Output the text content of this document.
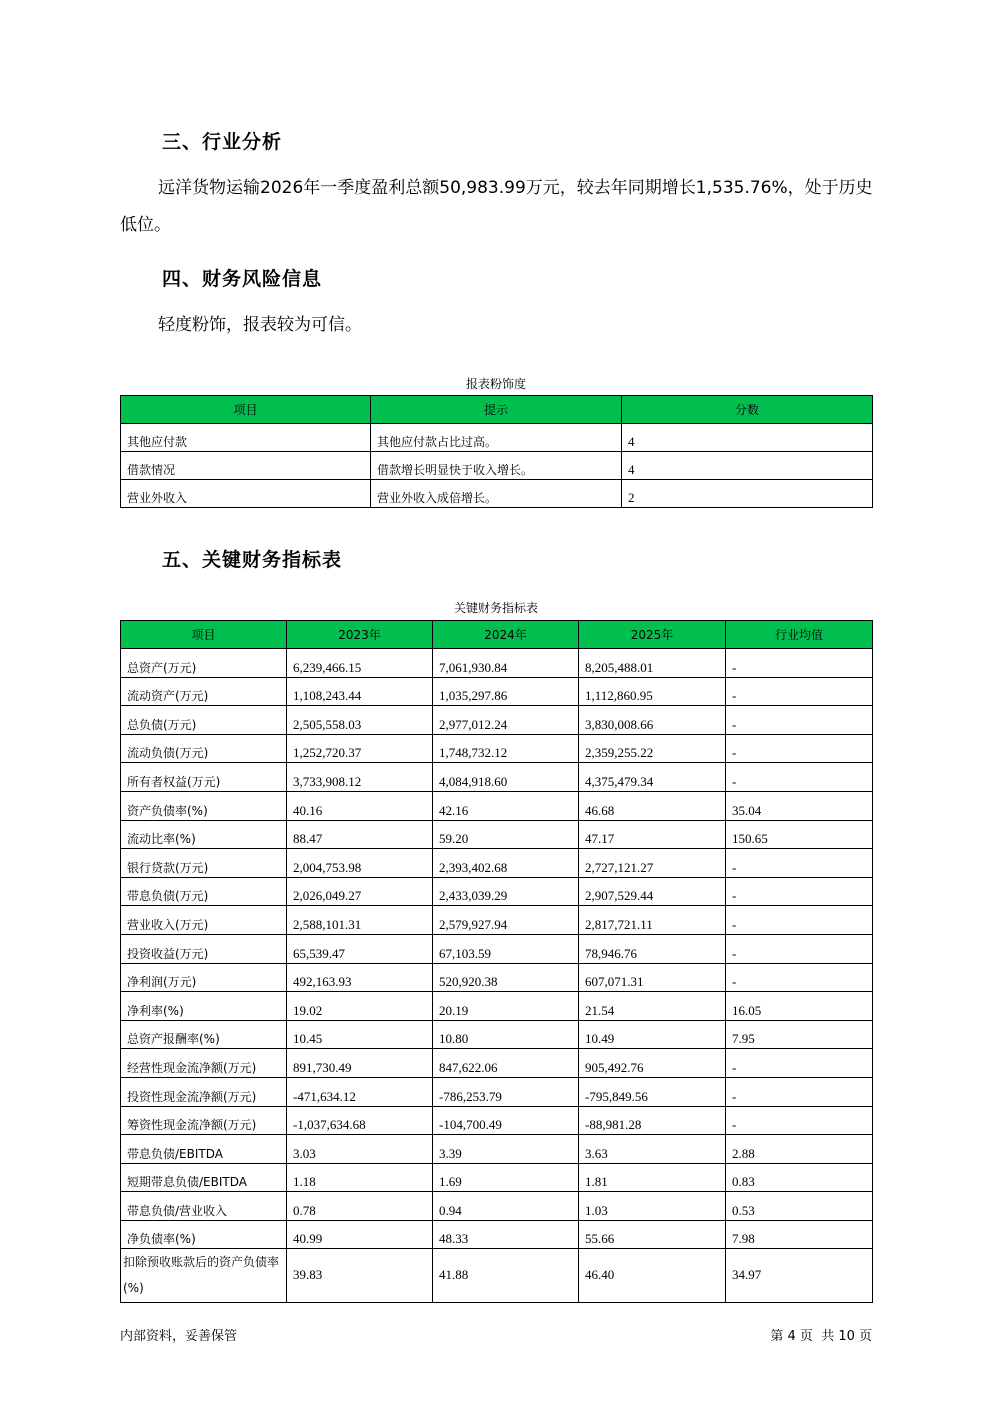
三、行业分析
远洋货物运输2026年一季度盈利总额50,983.99万元，较去年同期增长1,535.76%，处于历史低位。
四、财务风险信息
轻度粉饰，报表较为可信。
报表粉饰度
项目	提示	分数
其他应付款	其他应付款占比过高。	4
借款情况	借款增长明显快于收入增长。	4
营业外收入	营业外收入成倍增长。	2
五、关键财务指标表
关键财务指标表
项目	2023年	2024年	2025年	行业均值
总资产(万元)	6,239,466.15	7,061,930.84	8,205,488.01	-
流动资产(万元)	1,108,243.44	1,035,297.86	1,112,860.95	-
总负债(万元)	2,505,558.03	2,977,012.24	3,830,008.66	-
流动负债(万元)	1,252,720.37	1,748,732.12	2,359,255.22	-
所有者权益(万元)	3,733,908.12	4,084,918.60	4,375,479.34	-
资产负债率(%)	40.16	42.16	46.68	35.04
流动比率(%)	88.47	59.20	47.17	150.65
银行贷款(万元)	2,004,753.98	2,393,402.68	2,727,121.27	-
带息负债(万元)	2,026,049.27	2,433,039.29	2,907,529.44	-
营业收入(万元)	2,588,101.31	2,579,927.94	2,817,721.11	-
投资收益(万元)	65,539.47	67,103.59	78,946.76	-
净利润(万元)	492,163.93	520,920.38	607,071.31	-
净利率(%)	19.02	20.19	21.54	16.05
总资产报酬率(%)	10.45	10.80	10.49	7.95
经营性现金流净额(万元)	891,730.49	847,622.06	905,492.76	-
投资性现金流净额(万元)	-471,634.12	-786,253.79	-795,849.56	-
筹资性现金流净额(万元)	-1,037,634.68	-104,700.49	-88,981.28	-
带息负债/EBITDA	3.03	3.39	3.63	2.88
短期带息负债/EBITDA	1.18	1.69	1.81	0.83
带息负债/营业收入	0.78	0.94	1.03	0.53
净负债率(%)	40.99	48.33	55.66	7.98
扣除预收账款后的资产负债率(%)	39.83	41.88	46.40	34.97
内部资料，妥善保管	第 4 页  共 10 页
